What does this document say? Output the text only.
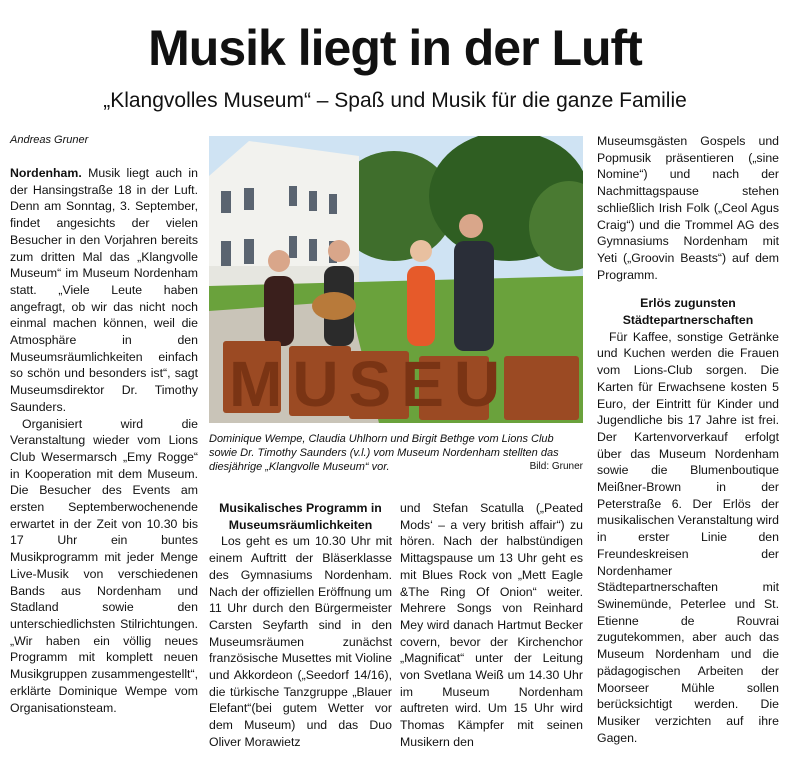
Musik liegt in der Luft
„Klangvolles Museum“ – Spaß und Musik für die ganze Familie
Andreas Gruner

Nordenham. Musik liegt auch in der Hansingstraße 18 in der Luft. Denn am Sonntag, 3. September, findet angesichts der vielen Besucher in den Vorjahren bereits zum dritten Mal das „Klangvolle Museum“ im Museum Nordenham statt. „Viele Leute haben angefragt, ob wir das nicht noch einmal machen können, weil die Atmosphäre in den Museumsräumlichkeiten einfach so schön und besonders ist“, sagt Museumsdirektor Dr. Timothy Saunders.

Organisiert wird die Veranstaltung wieder vom Lions Club Wesermarsch „Emy Rogge“ in Kooperation mit dem Museum. Die Besucher des Events am ersten Septemberwochenende erwartet in der Zeit von 10.30 bis 17 Uhr ein buntes Musikprogramm mit jeder Menge Live-Musik von verschiedenen Bands aus Nordenham und Stadland sowie den unterschiedlichsten Stilrichtungen. „Wir haben ein völlig neues Programm mit komplett neuen Musikgruppen zusammengestellt“, erklärte Dominique Wempe vom Organisationsteam.

MUSEU
Dominique Wempe, Claudia Uhlhorn und Birgit Bethge vom Lions Club sowie Dr. Timothy Saunders (v.l.) vom Museum Nordenham stellten das diesjährige „Klangvolle Museum“ vor.	Bild: Gruner
Musikalisches Programm in Museumsräumlichkeiten

Los geht es um 10.30 Uhr mit einem Auftritt der Bläserklasse des Gymnasiums Nordenham. Nach der offiziellen Eröffnung um 11 Uhr durch den Bürgermeister Carsten Seyfarth sind in den Museumsräumen zunächst französische Musettes mit Violine und Akkordeon („Seedorf 14/16), die türkische Tanzgruppe „Blauer Elefant“(bei gutem Wetter vor dem Museum) und das Duo Oliver Morawietz

und Stefan Scatulla („Peated Mods‘ – a very british affair“) zu hören. Nach der halbstündigen Mittagspause um 13 Uhr geht es mit Blues Rock von „Mett Eagle &The Ring Of Onion“ weiter. Mehrere Songs von Reinhard Mey wird danach Hartmut Becker covern, bevor der Kirchenchor „Magnificat“ unter der Leitung von Svetlana Weiß um 14.30 Uhr im Museum Nordenham auftreten wird. Um 15 Uhr wird Thomas Kämpfer mit seinen Musikern den

Museumsgästen Gospels und Popmusik präsentieren („sine Nomine“) und nach der Nachmittagspause stehen schließlich Irish Folk („Ceol Agus Craig“) und die Trommel AG des Gymnasiums Nordenham mit Yeti („Groovin Beasts“) auf dem Programm.

Erlös zugunsten Städtepartnerschaften

Für Kaffee, sonstige Getränke und Kuchen werden die Frauen vom Lions-Club sorgen. Die Karten für Erwachsene kosten 5 Euro, der Eintritt für Kinder und Jugendliche bis 17 Jahre ist frei. Der Kartenvorverkauf erfolgt über das Museum Nordenham sowie die Blumenboutique Meißner-Brown in der Peterstraße 6. Der Erlös der musikalischen Veranstaltung wird in erster Linie den Freundeskreisen der Nordenhamer Städtepartnerschaften mit Swinemünde, Peterlee und St. Etienne de Rouvrai zugutekommen, aber auch das Museum Nordenham und die pädagogischen Arbeiten der Moorseer Mühle sollen berücksichtigt werden. Die Musiker verzichten auf ihre Gagen.
